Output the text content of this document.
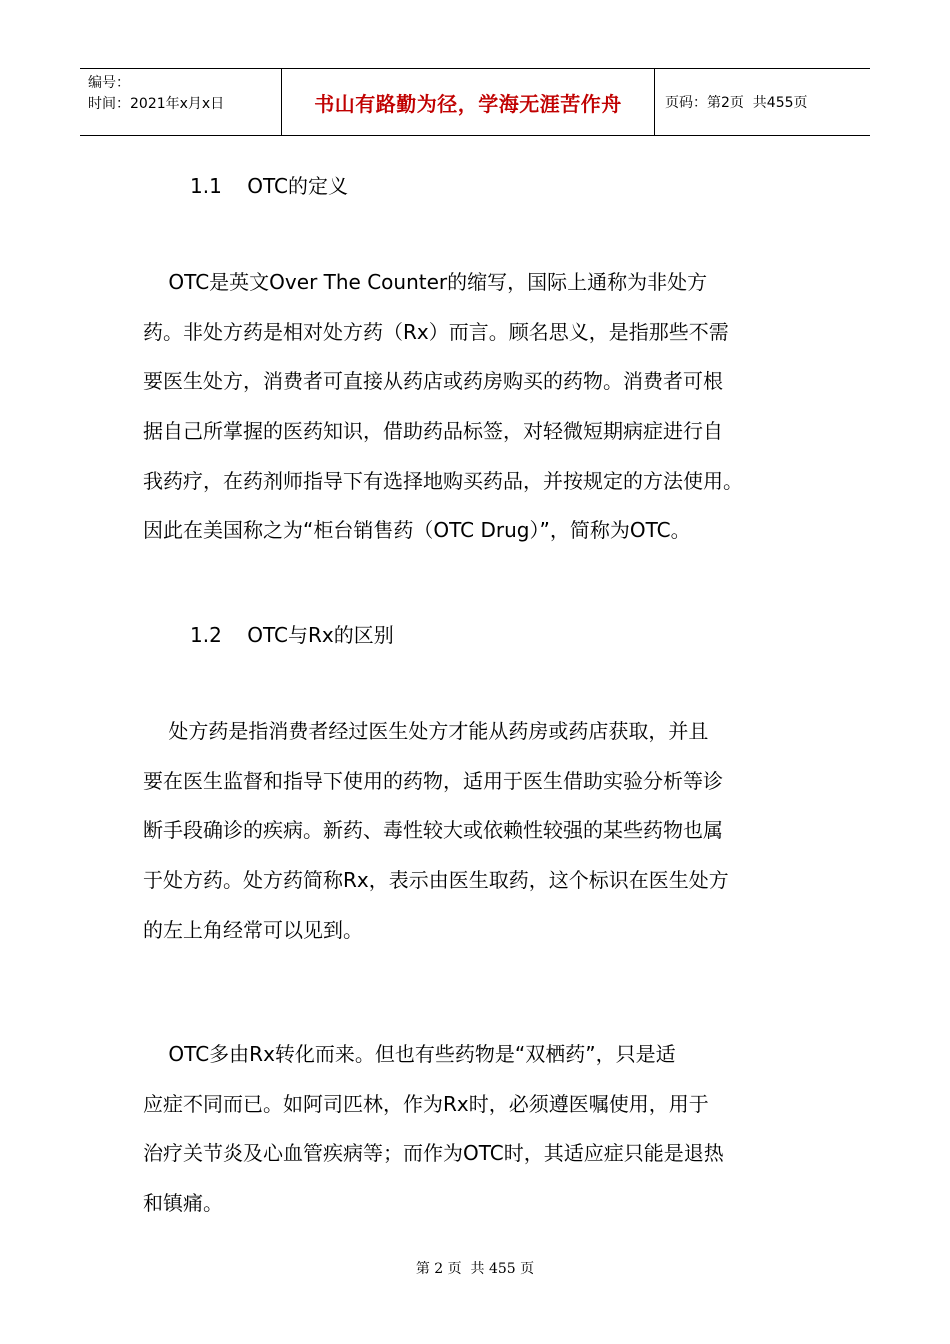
编号：
时间：2021年x月x日	书山有路勤为径，学海无涯苦作舟	页码：第2页  共455页
1.1    OTC的定义

OTC是英文Over The Counter的缩写，国际上通称为非处方
药。非处方药是相对处方药（Rx）而言。顾名思义，是指那些不需
要医生处方，消费者可直接从药店或药房购买的药物。消费者可根
据自己所掌握的医药知识，借助药品标签，对轻微短期病症进行自
我药疗，在药剂师指导下有选择地购买药品，并按规定的方法使用。
因此在美国称之为“柜台销售药（OTC Drug）”，简称为OTC。

1.2    OTC与Rx的区别

处方药是指消费者经过医生处方才能从药房或药店获取，并且
要在医生监督和指导下使用的药物，适用于医生借助实验分析等诊
断手段确诊的疾病。新药、毒性较大或依赖性较强的某些药物也属
于处方药。处方药简称Rx，表示由医生取药，这个标识在医生处方
的左上角经常可以见到。

OTC多由Rx转化而来。但也有些药物是“双栖药”，只是适
应症不同而已。如阿司匹林，作为Rx时，必须遵医嘱使用，用于
治疗关节炎及心血管疾病等；而作为OTC时，其适应症只能是退热
和镇痛。

第 2 页  共 455 页
